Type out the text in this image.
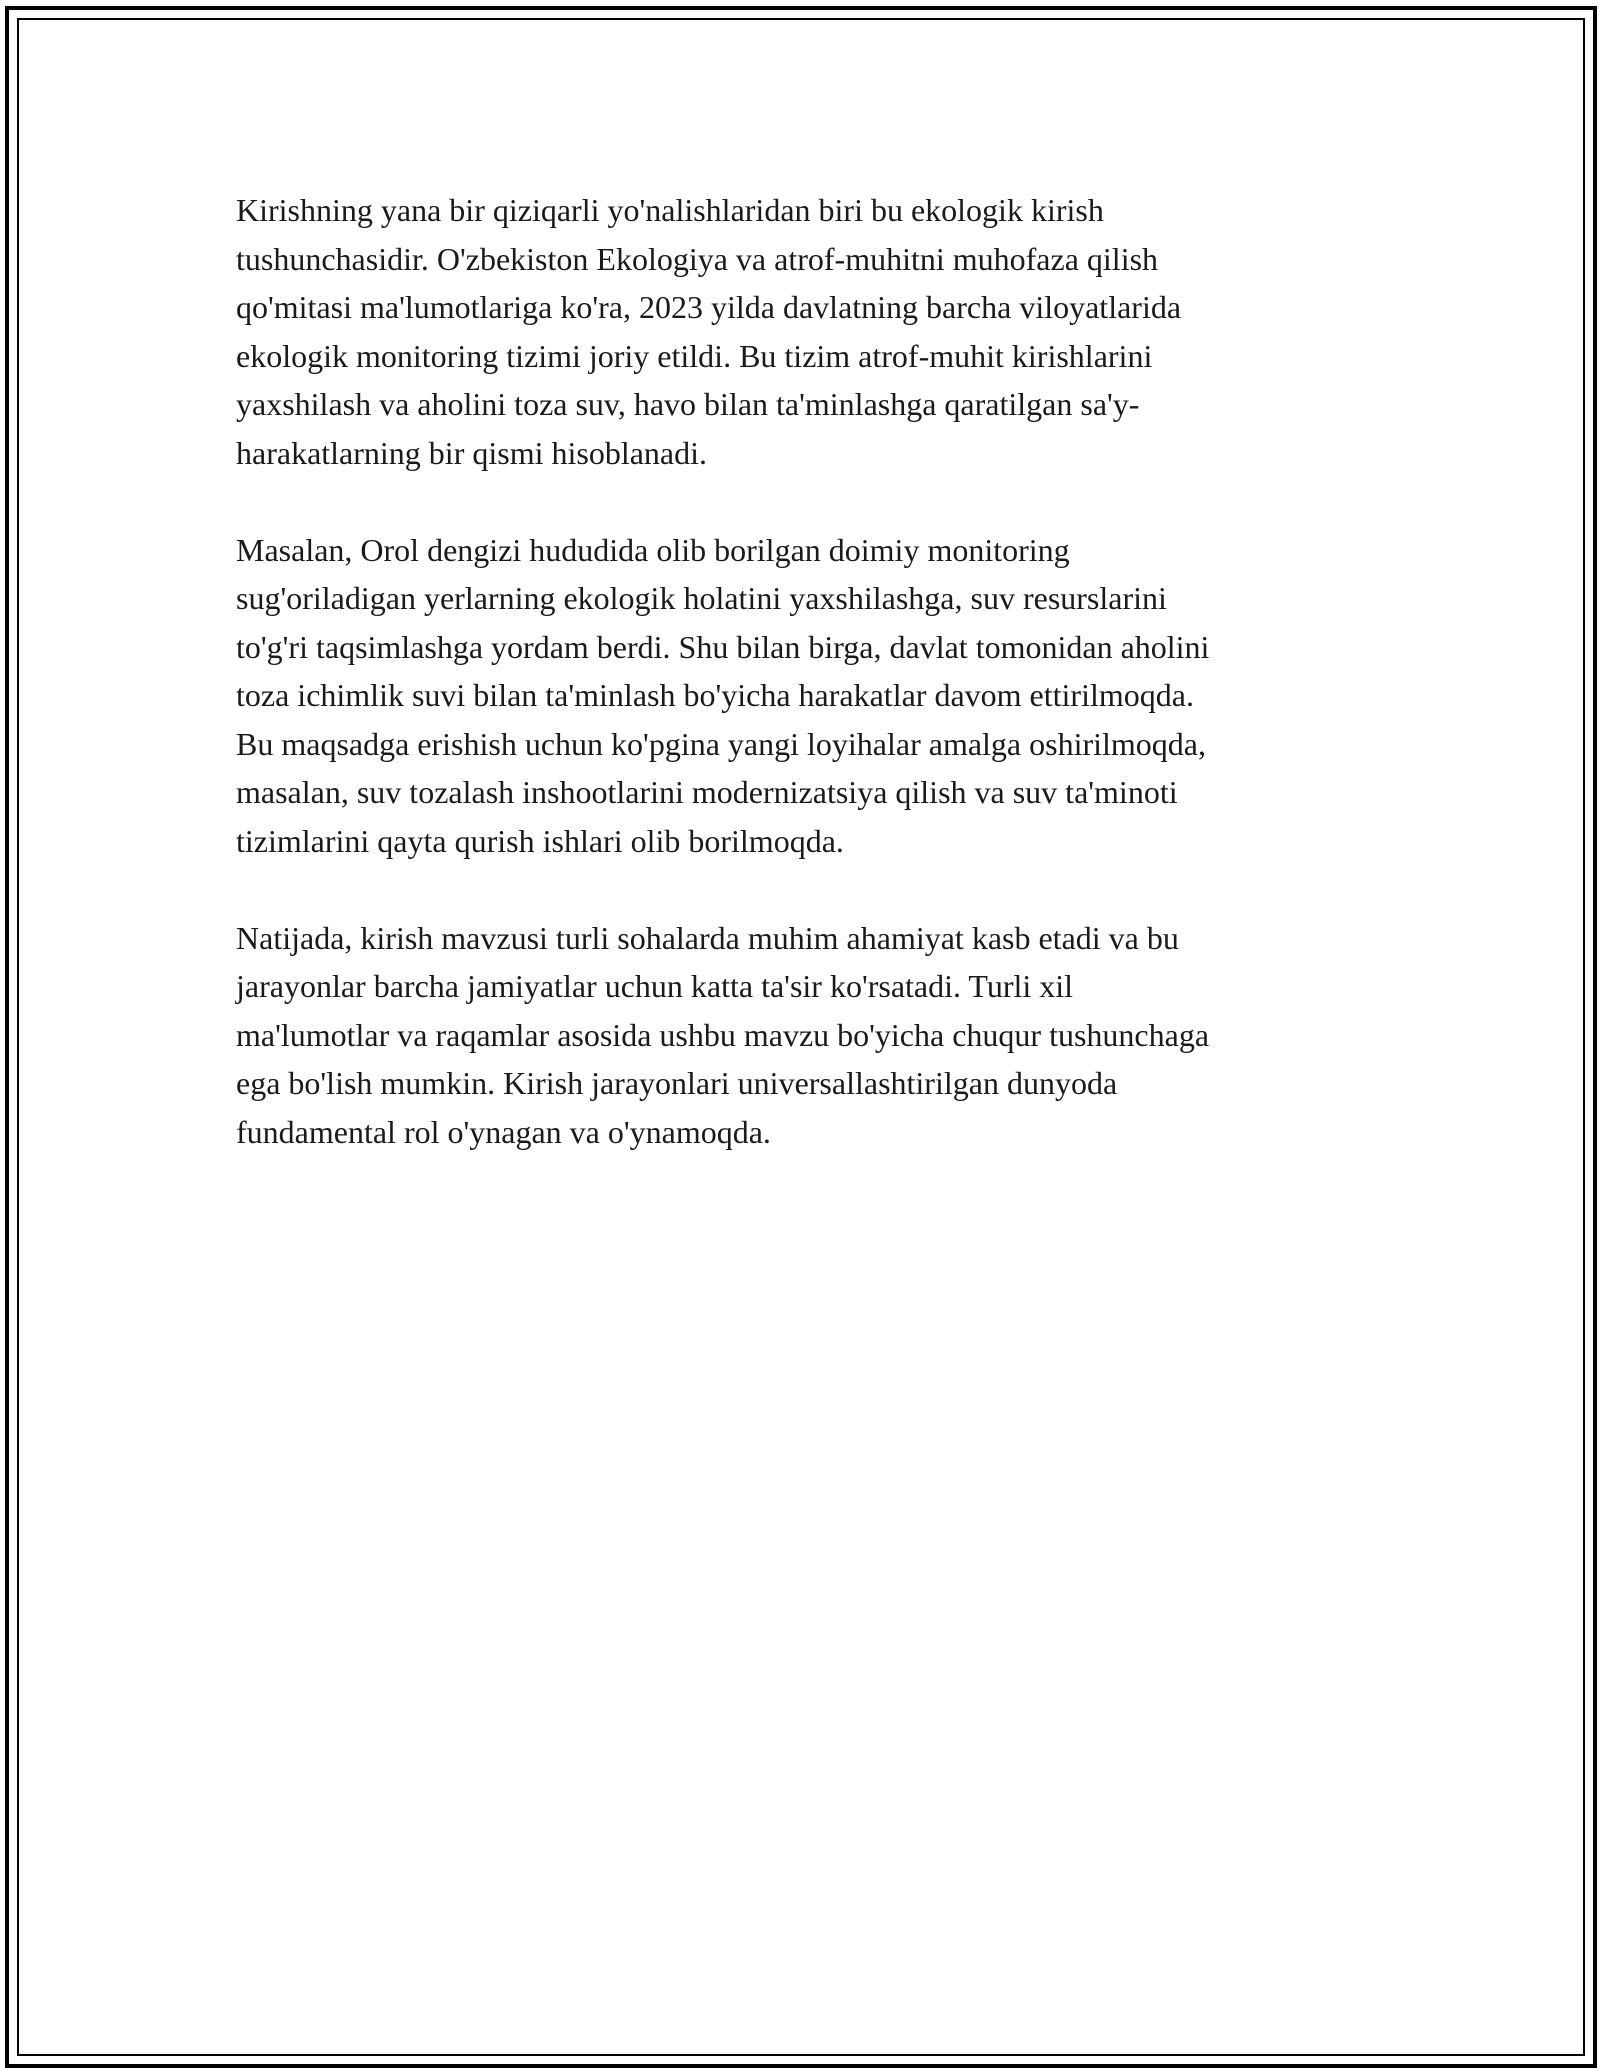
Kirishning yana bir qiziqarli yo'nalishlaridan biri bu ekologik kirish
tushunchasidir. O'zbekiston Ekologiya va atrof-muhitni muhofaza qilish
qo'mitasi ma'lumotlariga ko'ra, 2023 yilda davlatning barcha viloyatlarida
ekologik monitoring tizimi joriy etildi. Bu tizim atrof-muhit kirishlarini
yaxshilash va aholini toza suv, havo bilan ta'minlashga qaratilgan sa'y-
harakatlarning bir qismi hisoblanadi.

Masalan, Orol dengizi hududida olib borilgan doimiy monitoring
sug'oriladigan yerlarning ekologik holatini yaxshilashga, suv resurslarini
to'g'ri taqsimlashga yordam berdi. Shu bilan birga, davlat tomonidan aholini
toza ichimlik suvi bilan ta'minlash bo'yicha harakatlar davom ettirilmoqda.
Bu maqsadga erishish uchun ko'pgina yangi loyihalar amalga oshirilmoqda,
masalan, suv tozalash inshootlarini modernizatsiya qilish va suv ta'minoti
tizimlarini qayta qurish ishlari olib borilmoqda.

Natijada, kirish mavzusi turli sohalarda muhim ahamiyat kasb etadi va bu
jarayonlar barcha jamiyatlar uchun katta ta'sir ko'rsatadi. Turli xil
ma'lumotlar va raqamlar asosida ushbu mavzu bo'yicha chuqur tushunchaga
ega bo'lish mumkin. Kirish jarayonlari universallashtirilgan dunyoda
fundamental rol o'ynagan va o'ynamoqda.
